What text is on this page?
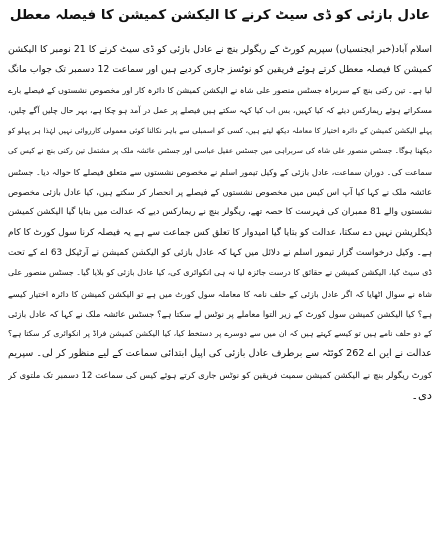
عادل بازئی کو ڈی سیٹ کرنے کا الیکشن کمیشن کا فیصلہ معطل
اسلام آباد(خبر ایجنسیاں) سپریم کورٹ کے ریگولر بنچ نے عادل بازئی کو ڈی سیٹ کرنے کا 21 نومبر کا الیکشن
کمیشن کا فیصلہ معطل کرتے ہوئے فریقین کو نوٹسز جاری کردیے ہیں اور سماعت 12 دسمبر تک جواب مانگ
لیا ہے۔ تین رکنی بنچ کے سربراہ جسٹس منصور علی شاہ نے الیکشن کمیشن کا دائرہ کار اور مخصوص نشستوں کے فیصلے بارے
مسکراتے ہوئے ریمارکس دیئے کہ کیا کہیں، بس اب کیا کہہ سکتے ہیں فیصلے پر عمل در آمد ہو چکا ہے، بہر حال چلیں آگے چلیں،
پہلے الیکشن کمیشن کے دائرہ اختیار کا معاملہ دیکھ لیتے ہیں، کسی کو اسمبلی سے باہر نکالنا کوئی معمولی کارروائی نہیں لہٰذا ہر پہلو کو
دیکھنا ہوگا۔ جسٹس منصور علی شاہ کی سربراہی میں جسٹس عقیل عباسی اور جسٹس عائشہ ملک پر مشتمل تین رکنی بنچ نے کیس کی
سماعت کی۔ دوران سماعت، عادل بازئی کے وکیل تیمور اسلم نے مخصوص نشستوں سے متعلق فیصلے کا حوالہ دیا۔ جسٹس
عائشہ ملک نے کہا کیا آپ اس کیس میں مخصوص نشستوں کے فیصلے پر انحصار کر سکتے ہیں، کیا عادل بازئی مخصوص
نشستوں والے 81 ممبران کی فہرست کا حصہ تھے، ریگولر بنچ نے ریمارکس دیے کہ عدالت میں بتایا گیا الیکشن کمیشن
ڈیکلریشن نہیں دے سکتا، عدالت کو بتایا گیا امیدوار کا تعلق کس جماعت سے ہے یہ فیصلہ کرنا سول کورٹ کا کام
ہے۔ وکیل درخواست گزار تیمور اسلم نے دلائل میں کہا کہ عادل بازئی کو الیکشن کمیشن نے آرٹیکل 63 اے کے تحت
ڈی سیٹ کیا، الیکشن کمیشن نے حقائق کا درست جائزہ لیا نہ ہی انکوائری کی، کیا عادل بازئی کو بلایا گیا۔ جسٹس منصور علی
شاہ نے سوال اٹھایا کہ اگر عادل بازئی کے حلف نامہ کا معاملہ سول کورٹ میں ہے تو الیکشن کمیشن کا دائرہ اختیار کیسے
ہے؟ کیا الیکشن کمیشن سول کورٹ کے زیر التوا معاملے پر نوٹس لے سکتا ہے؟ جسٹس عائشہ ملک نے کہا کہ عادل بازئی
کے دو حلف نامے ہیں تو کیسے کہتے ہیں کہ ان میں سے دوسرے پر دستخط کیا، کیا الیکشن کمیشن فراڈ پر انکوائری کر سکتا ہے؟
عدالت نے این اے 262 کوئٹہ سے برطرف عادل بازئی کی اپیل ابتدائی سماعت کے لیے منظور کر لی۔ سپریم
کورٹ ریگولر بنچ نے الیکشن کمیشن سمیت فریقین کو نوٹس جاری کرتے ہوئے کیس کی سماعت 12 دسمبر تک ملتوی کر
دی۔
